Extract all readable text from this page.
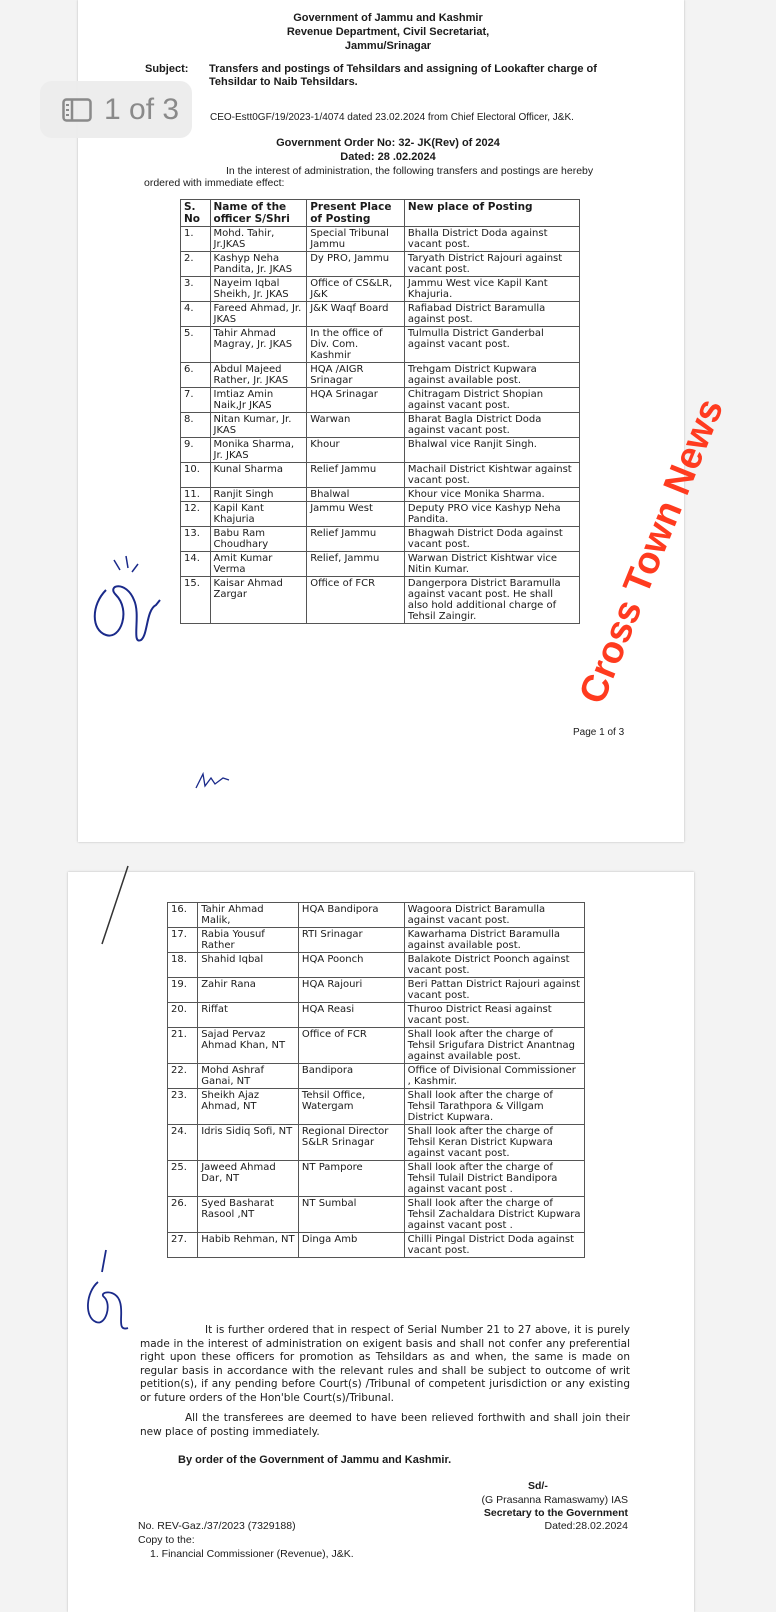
Government of Jammu and Kashmir
Revenue Department, Civil Secretariat,
Jammu/Srinagar
Subject: Transfers and postings of Tehsildars and assigning of Lookafter charge of
Tehsildar to Naib Tehsildars.
CEO-Estt0GF/19/2023-1/4074 dated 23.02.2024 from Chief Electoral Officer, J&K.
Government Order No: 32- JK(Rev) of 2024
Dated: 28 .02.2024
In the interest of administration, the following transfers and postings are hereby
ordered with immediate effect:
S. No	Name of the officer S/Shri	Present Place of Posting	New place of Posting
1.	Mohd. Tahir, Jr.JKAS	Special Tribunal Jammu	Bhalla District Doda against vacant post.
2.	Kashyp Neha Pandita, Jr. JKAS	Dy PRO, Jammu	Taryath District Rajouri against vacant post.
3.	Nayeim Iqbal Sheikh, Jr. JKAS	Office of CS&LR, J&K	Jammu West vice Kapil Kant Khajuria.
4.	Fareed Ahmad, Jr. JKAS	J&K Waqf Board	Rafiabad District Baramulla against post.
5.	Tahir Ahmad Magray, Jr. JKAS	In the office of Div. Com. Kashmir	Tulmulla District Ganderbal against vacant post.
6.	Abdul Majeed Rather, Jr. JKAS	HQA /AIGR Srinagar	Trehgam District Kupwara against available post.
7.	Imtiaz Amin Naik,Jr JKAS	HQA Srinagar	Chitragam District Shopian against vacant post.
8.	Nitan Kumar, Jr. JKAS	Warwan	Bharat Bagla District Doda against vacant post.
9.	Monika Sharma, Jr. JKAS	Khour	Bhalwal vice Ranjit Singh.
10.	Kunal Sharma	Relief Jammu	Machail District Kishtwar against vacant post.
11.	Ranjit Singh	Bhalwal	Khour vice Monika Sharma.
12.	Kapil Kant Khajuria	Jammu West	Deputy PRO vice Kashyp Neha Pandita.
13.	Babu Ram Choudhary	Relief Jammu	Bhagwah District Doda against vacant post.
14.	Amit Kumar Verma	Relief, Jammu	Warwan District Kishtwar vice Nitin Kumar.
15.	Kaisar Ahmad Zargar	Office of FCR	Dangerpora District Baramulla against vacant post. He shall also hold additional charge of Tehsil Zaingir.	Cross Town News
Page 1 of 3
16.	Tahir Ahmad Malik,	HQA Bandipora	Wagoora District Baramulla against vacant post.
17.	Rabia Yousuf Rather	RTI Srinagar	Kawarhama District Baramulla against available post.
18.	Shahid Iqbal	HQA Poonch	Balakote District Poonch against vacant post.
19.	Zahir Rana	HQA Rajouri	Beri Pattan District Rajouri against vacant post.
20.	Riffat	HQA Reasi	Thuroo District Reasi against vacant post.
21.	Sajad Pervaz Ahmad Khan, NT	Office of FCR	Shall look after the charge of Tehsil Srigufara District Anantnag against available post.
22.	Mohd Ashraf Ganai, NT	Bandipora	Office of Divisional Commissioner , Kashmir.
23.	Sheikh Ajaz Ahmad, NT	Tehsil Office, Watergam	Shall look after the charge of Tehsil Tarathpora & Villgam District Kupwara.
24.	Idris Sidiq Sofi, NT	Regional Director S&LR Srinagar	Shall look after the charge of Tehsil Keran District Kupwara against vacant post.
25.	Jaweed Ahmad Dar, NT	NT Pampore	Shall look after the charge of Tehsil Tulail District Bandipora against vacant post .
26.	Syed Basharat Rasool ,NT	NT Sumbal	Shall look after the charge of Tehsil Zachaldara District Kupwara against vacant post .
27.	Habib Rehman, NT	Dinga Amb	Chilli Pingal District Doda against vacant post.
It is further ordered that in respect of Serial Number 21 to 27 above, it is purely made in the interest of administration on exigent basis and shall not confer any preferential right upon these officers for promotion as Tehsildars as and when, the same is made on regular basis in accordance with the relevant rules and shall be subject to outcome of writ petition(s), if any pending before Court(s) /Tribunal of competent jurisdiction or any existing or future orders of the Hon'ble Court(s)/Tribunal.
All the transferees are deemed to have been relieved forthwith and shall join their new place of posting immediately.
By order of the Government of Jammu and Kashmir.
Sd/-
(G Prasanna Ramaswamy) IAS
Secretary to the Government
Dated:28.02.2024
No. REV-Gaz./37/2023 (7329188)
Copy to the:
1. Financial Commissioner (Revenue), J&K.
1 of 3
